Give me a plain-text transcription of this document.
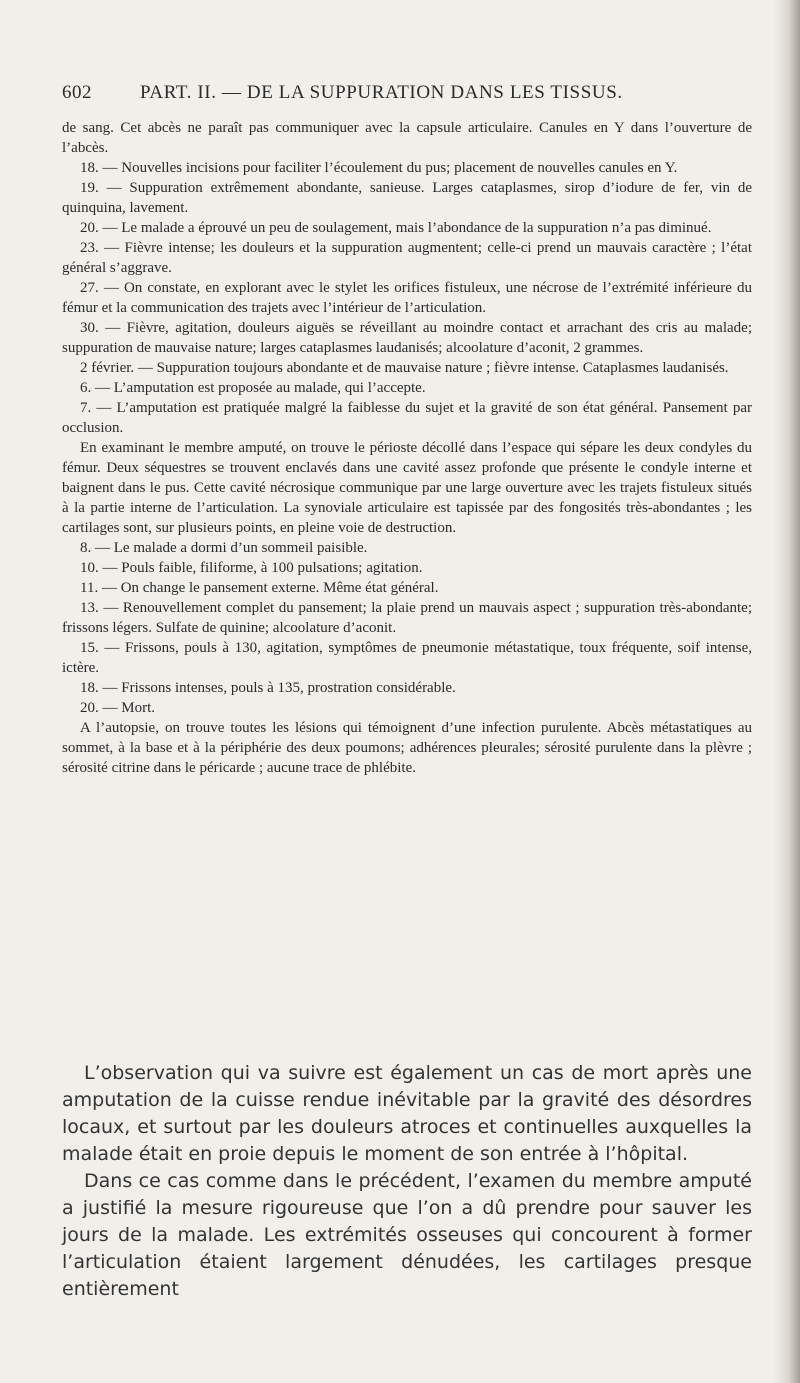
602	PART. II. — DE LA SUPPURATION DANS LES TISSUS.

de sang. Cet abcès ne paraît pas communiquer avec la capsule articulaire. Canules en Y dans l’ouverture de l’abcès.

18. — Nouvelles incisions pour faciliter l’écoulement du pus; placement de nouvelles canules en Y.

19. — Suppuration extrêmement abondante, sanieuse. Larges cataplasmes, sirop d’iodure de fer, vin de quinquina, lavement.

20. — Le malade a éprouvé un peu de soulagement, mais l’abondance de la suppuration n’a pas diminué.

23. — Fièvre intense; les douleurs et la suppuration augmentent; celle-ci prend un mauvais caractère ; l’état général s’aggrave.

27. — On constate, en explorant avec le stylet les orifices fistuleux, une nécrose de l’extrémité inférieure du fémur et la communication des trajets avec l’intérieur de l’articulation.

30. — Fièvre, agitation, douleurs aiguës se réveillant au moindre contact et arrachant des cris au malade; suppuration de mauvaise nature; larges cataplasmes laudanisés; alcoolature d’aconit, 2 grammes.

2 février. — Suppuration toujours abondante et de mauvaise nature ; fièvre intense. Cataplasmes laudanisés.

6. — L’amputation est proposée au malade, qui l’accepte.

7. — L’amputation est pratiquée malgré la faiblesse du sujet et la gravité de son état général. Pansement par occlusion.

En examinant le membre amputé, on trouve le périoste décollé dans l’espace qui sépare les deux condyles du fémur. Deux séquestres se trouvent enclavés dans une cavité assez profonde que présente le condyle interne et baignent dans le pus. Cette cavité nécrosique communique par une large ouverture avec les trajets fistuleux situés à la partie interne de l’articulation. La synoviale articulaire est tapissée par des fongosités très-abondantes ; les cartilages sont, sur plusieurs points, en pleine voie de destruction.

8. — Le malade a dormi d’un sommeil paisible.

10. — Pouls faible, filiforme, à 100 pulsations; agitation.

11. — On change le pansement externe. Même état général.

13. — Renouvellement complet du pansement; la plaie prend un mauvais aspect ; suppuration très-abondante; frissons légers. Sulfate de quinine; alcoolature d’aconit.

15. — Frissons, pouls à 130, agitation, symptômes de pneumonie métastatique, toux fréquente, soif intense, ictère.

18. — Frissons intenses, pouls à 135, prostration considérable.

20. — Mort.

A l’autopsie, on trouve toutes les lésions qui témoignent d’une infection purulente. Abcès métastatiques au sommet, à la base et à la périphérie des deux poumons; adhérences pleurales; sérosité purulente dans la plèvre ; sérosité citrine dans le péricarde ; aucune trace de phlébite.

L’observation qui va suivre est également un cas de mort après une amputation de la cuisse rendue inévitable par la gravité des désordres locaux, et surtout par les douleurs atroces et continuelles auxquelles la malade était en proie depuis le moment de son entrée à l’hôpital.

Dans ce cas comme dans le précédent, l’examen du membre amputé a justifié la mesure rigoureuse que l’on a dû prendre pour sauver les jours de la malade. Les extrémités osseuses qui concourent à former l’articulation étaient largement dénudées, les cartilages presque entièrement
